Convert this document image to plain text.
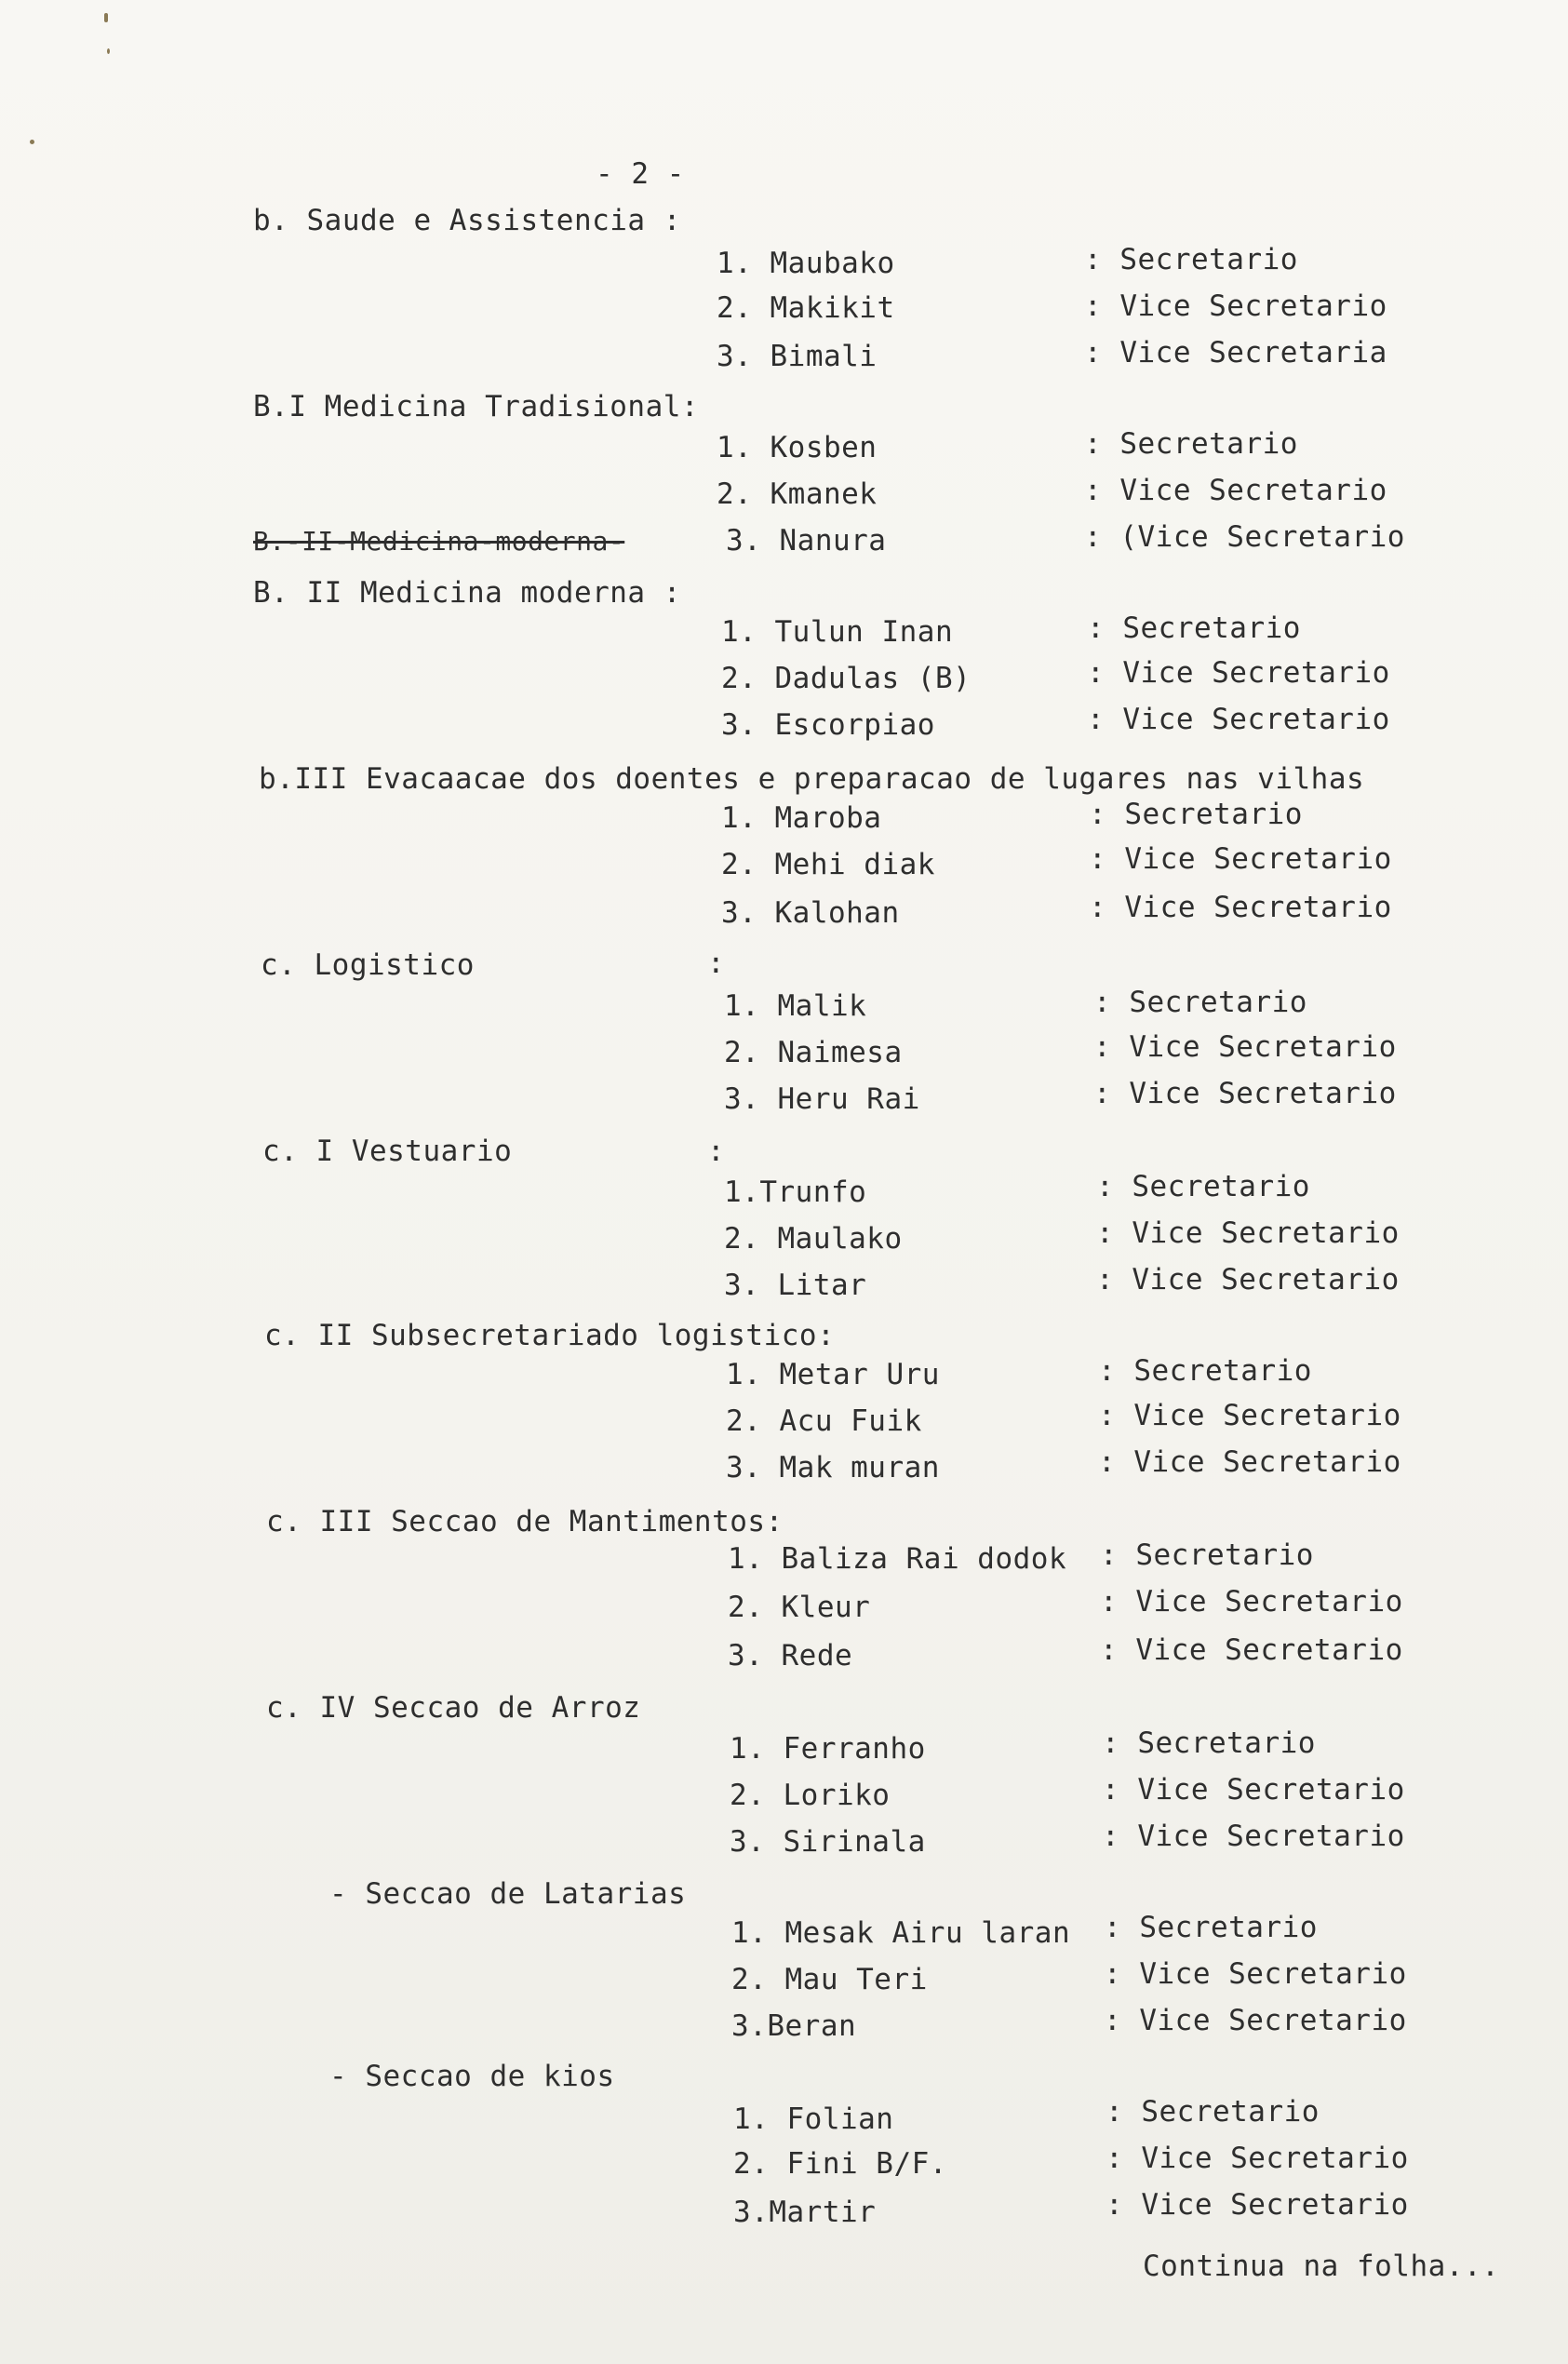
- 2 -
b. Saude e Assistencia :
1. Maubako	: Secretario
2. Makikit	: Vice Secretario
3. Bimali	: Vice Secretaria
B.I Medicina Tradisional:
1. Kosben	: Secretario
2. Kmanek	: Vice Secretario
B.-II-Medicina-moderna-	3. Nanura	: (Vice Secretario
B. II Medicina moderna :
1. Tulun Inan	: Secretario
2. Dadulas (B)	: Vice Secretario
3. Escorpiao	: Vice Secretario
b.III Evacaacae dos doentes e preparacao de lugares nas vilhas
1. Maroba	: Secretario
2. Mehi diak	: Vice Secretario
3. Kalohan	: Vice Secretario
c. Logistico	:
1. Malik	: Secretario
2. Naimesa	: Vice Secretario
3. Heru Rai	: Vice Secretario
c. I Vestuario	:
1.Trunfo	: Secretario
2. Maulako	: Vice Secretario
3. Litar	: Vice Secretario
c. II Subsecretariado logistico:
1. Metar Uru	: Secretario
2. Acu Fuik	: Vice Secretario
3. Mak muran	: Vice Secretario
c. III Seccao de Mantimentos:
1. Baliza Rai dodok : Secretario
2. Kleur	: Vice Secretario
3. Rede	: Vice Secretario
c. IV Seccao de Arroz
1. Ferranho	: Secretario
2. Loriko	: Vice Secretario
3. Sirinala	: Vice Secretario
- Seccao de Latarias
1. Mesak Airu laran : Secretario
2. Mau Teri	: Vice Secretario
3.Beran	: Vice Secretario
- Seccao de kios
1. Folian	: Secretario
2. Fini B/F.	: Vice Secretario
3.Martir	: Vice Secretario
Continua na folha...
